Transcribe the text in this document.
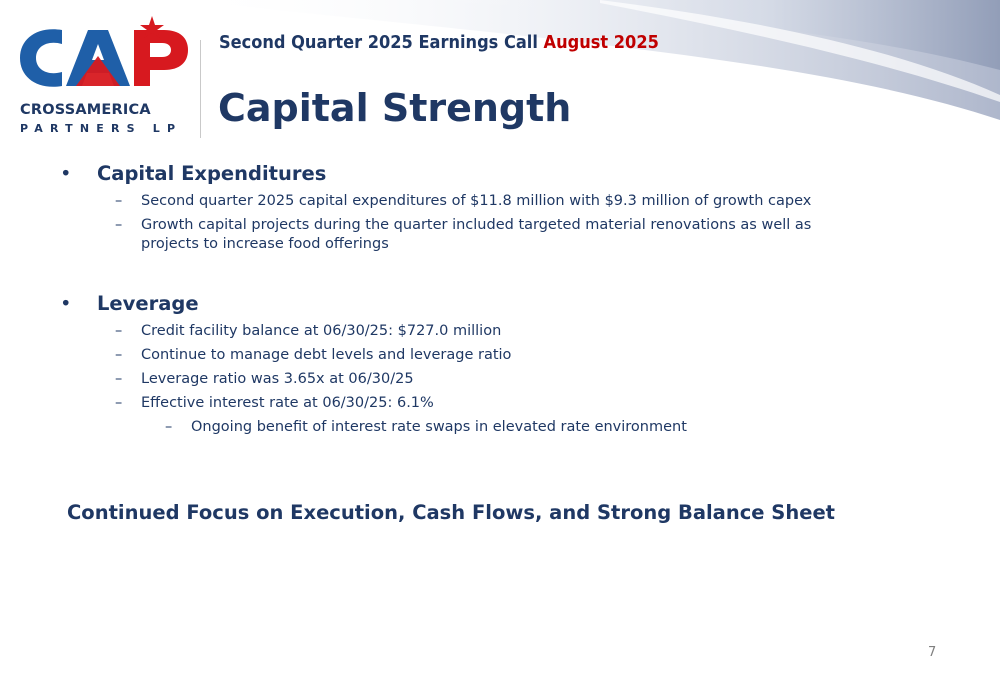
CROSSAMERICA
PARTNERS LP
Second Quarter 2025 Earnings Call August 2025
Capital Strength

• Capital Expenditures

– Second quarter 2025 capital expenditures of $11.8 million with $9.3 million of growth capex
– Growth capital projects during the quarter included targeted material renovations as well as projects to increase food offerings

• Leverage

– Credit facility balance at 06/30/25: $727.0 million
– Continue to manage debt levels and leverage ratio
– Leverage ratio was 3.65x at 06/30/25
– Effective interest rate at 06/30/25: 6.1%
– Ongoing benefit of interest rate swaps in elevated rate environment
Continued Focus on Execution, Cash Flows, and Strong Balance Sheet
7
